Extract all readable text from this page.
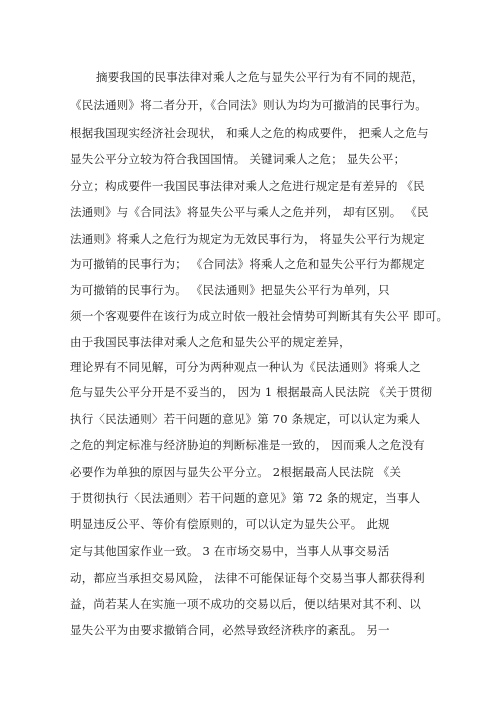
摘要我国的民事法律对乘人之危与显失公平行为有不同的规范，
《民法通则》将二者分开，《合同法》则认为均为可撤消的民事行为。
根据我国现实经济社会现状， 和乘人之危的构成要件， 把乘人之危与
显失公平分立较为符合我国国情。 关键词乘人之危； 显失公平；
分立；构成要件一我国民事法律对乘人之危进行规定是有差异的 《民
法通则》与《合同法》将显失公平与乘人之危并列， 却有区别。 《民
法通则》将乘人之危行为规定为无效民事行为， 将显失公平行为规定
为可撤销的民事行为； 《合同法》将乘人之危和显失公平行为都规定
为可撤销的民事行为。 《民法通则》把显失公平行为单列，只
须一个客观要件在该行为成立时依一般社会情势可判断其有失公平 即可。
由于我国民事法律对乘人之危和显失公平的规定差异，
理论界有不同见解，可分为两种观点一种认为《民法通则》将乘人之
危与显失公平分开是不妥当的， 因为 1 根据最高人民法院 《关于贯彻
执行〈民法通则〉若干问题的意见》第 70 条规定，可以认定为乘人
之危的判定标准与经济胁迫的判断标准是一致的， 因而乘人之危没有
必要作为单独的原因与显失公平分立。 2根据最高人民法院 《关
于贯彻执行〈民法通则〉若干问题的意见》第 72 条的规定，当事人
明显违反公平、等价有偿原则的，可以认定为显失公平。 此规
定与其他国家作业一致。 3 在市场交易中，当事人从事交易活
动，都应当承担交易风险， 法律不可能保证每个交易当事人都获得利
益，尚若某人在实施一项不成功的交易以后，便以结果对其不利、以
显失公平为由要求撤销合同，必然导致经济秩序的紊乱。 另一
